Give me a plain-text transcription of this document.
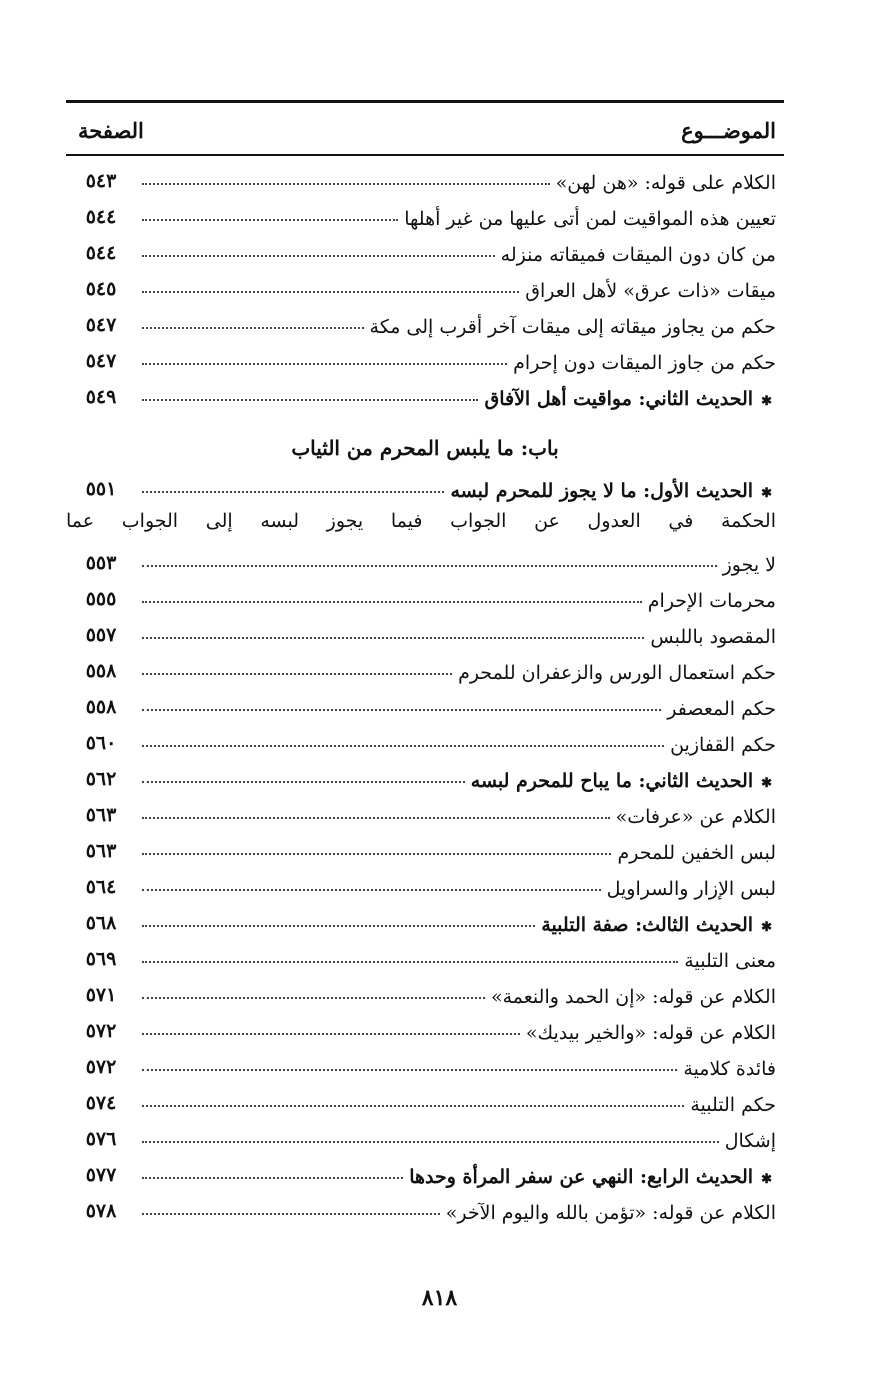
الموضـــوع
الصفحة
الكلام على قوله: «هن لهن»
٥٤٣
تعيين هذه المواقيت لمن أتى عليها من غير أهلها
٥٤٤
من كان دون الميقات فميقاته منزله
٥٤٤
ميقات «ذات عرق» لأهل العراق
٥٤٥
حكم من يجاوز ميقاته إلى ميقات آخر أقرب إلى مكة
٥٤٧
حكم من جاوز الميقات دون إحرام
٥٤٧
✱ الحديث الثاني: مواقيت أهل الآفاق
٥٤٩
باب: ما يلبس المحرم من الثياب
✱ الحديث الأول: ما لا يجوز للمحرم لبسه
٥٥١
الحكمة في العدول عن الجواب فيما يجوز لبسه إلى الجواب عما
لا يجوز
٥٥٣
محرمات الإحرام
٥٥٥
المقصود باللبس
٥٥٧
حكم استعمال الورس والزعفران للمحرم
٥٥٨
حكم المعصفر
٥٥٨
حكم القفازين
٥٦٠
✱ الحديث الثاني: ما يباح للمحرم لبسه
٥٦٢
الكلام عن «عرفات»
٥٦٣
لبس الخفين للمحرم
٥٦٣
لبس الإزار والسراويل
٥٦٤
✱ الحديث الثالث: صفة التلبية
٥٦٨
معنى التلبية
٥٦٩
الكلام عن قوله: «إن الحمد والنعمة»
٥٧١
الكلام عن قوله: «والخير بيديك»
٥٧٢
فائدة كلامية
٥٧٢
حكم التلبية
٥٧٤
إشكال
٥٧٦
✱ الحديث الرابع: النهي عن سفر المرأة وحدها
٥٧٧
الكلام عن قوله: «تؤمن بالله واليوم الآخر»
٥٧٨
٨١٨
